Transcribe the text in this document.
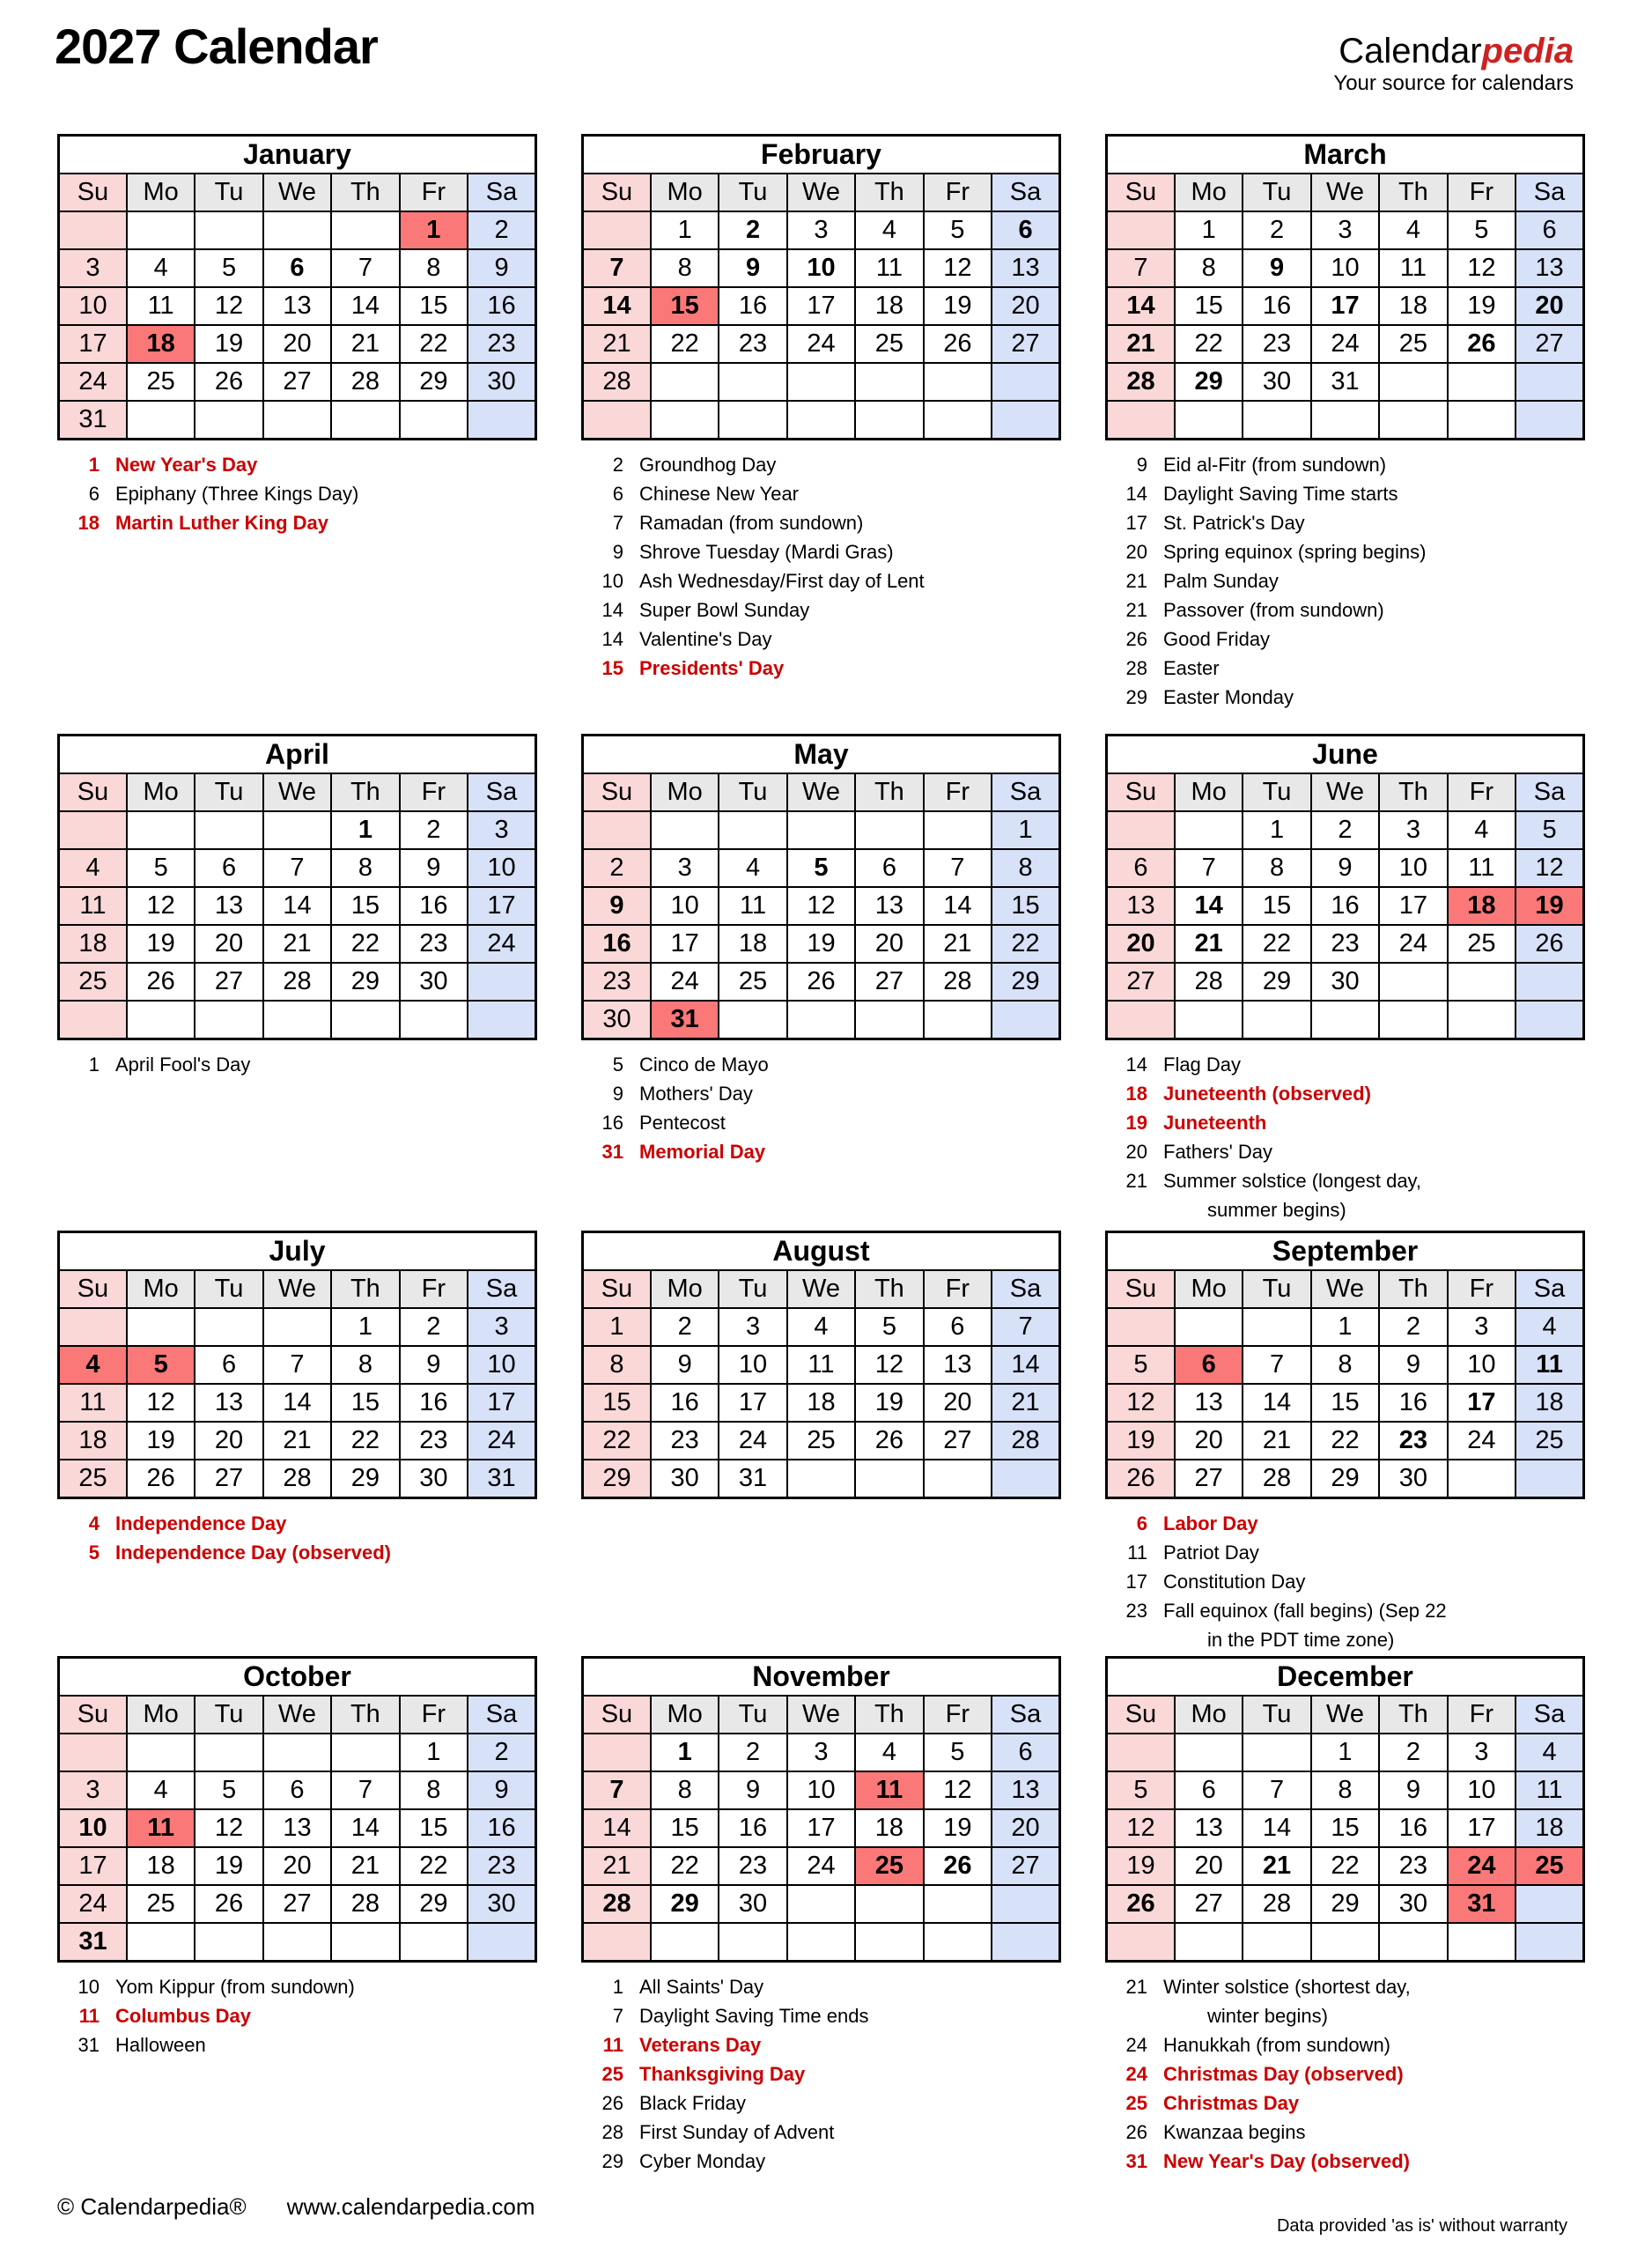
2027 Calendar	Calendarpedia
Your source for calendars
January						
Su	Mo	Tu	We	Th	Fr	Sa
					1	2
3	4	5	6	7	8	9
10	11	12	13	14	15	16
17	18	19	20	21	22	23
24	25	26	27	28	29	30
31						
1 New Year's Day
6 Epiphany (Three Kings Day)
18 Martin Luther King Day
February						
Su	Mo	Tu	We	Th	Fr	Sa
	1	2	3	4	5	6
7	8	9	10	11	12	13
14	15	16	17	18	19	20
21	22	23	24	25	26	27
28						

2 Groundhog Day
6 Chinese New Year
7 Ramadan (from sundown)
9 Shrove Tuesday (Mardi Gras)
10 Ash Wednesday/First day of Lent
14 Super Bowl Sunday
14 Valentine's Day
15 Presidents' Day
March						
Su	Mo	Tu	We	Th	Fr	Sa
	1	2	3	4	5	6
7	8	9	10	11	12	13
14	15	16	17	18	19	20
21	22	23	24	25	26	27
28	29	30	31			

9 Eid al-Fitr (from sundown)
14 Daylight Saving Time starts
17 St. Patrick's Day
20 Spring equinox (spring begins)
21 Palm Sunday
21 Passover (from sundown)
26 Good Friday
28 Easter
29 Easter Monday
April						
Su	Mo	Tu	We	Th	Fr	Sa
				1	2	3
4	5	6	7	8	9	10
11	12	13	14	15	16	17
18	19	20	21	22	23	24
25	26	27	28	29	30	

1 April Fool's Day
May						
Su	Mo	Tu	We	Th	Fr	Sa
						1
2	3	4	5	6	7	8
9	10	11	12	13	14	15
16	17	18	19	20	21	22
23	24	25	26	27	28	29
30	31					
5 Cinco de Mayo
9 Mothers' Day
16 Pentecost
31 Memorial Day
June						
Su	Mo	Tu	We	Th	Fr	Sa
		1	2	3	4	5
6	7	8	9	10	11	12
13	14	15	16	17	18	19
20	21	22	23	24	25	26
27	28	29	30			

14 Flag Day
18 Juneteenth (observed)
19 Juneteenth
20 Fathers' Day
21 Summer solstice (longest day,
summer begins)
July						
Su	Mo	Tu	We	Th	Fr	Sa
				1	2	3
4	5	6	7	8	9	10
11	12	13	14	15	16	17
18	19	20	21	22	23	24
25	26	27	28	29	30	31
4 Independence Day
5 Independence Day (observed)
August						
Su	Mo	Tu	We	Th	Fr	Sa
1	2	3	4	5	6	7
8	9	10	11	12	13	14
15	16	17	18	19	20	21
22	23	24	25	26	27	28
29	30	31				
September						
Su	Mo	Tu	We	Th	Fr	Sa
			1	2	3	4
5	6	7	8	9	10	11
12	13	14	15	16	17	18
19	20	21	22	23	24	25
26	27	28	29	30		
6 Labor Day
11 Patriot Day
17 Constitution Day
23 Fall equinox (fall begins) (Sep 22
in the PDT time zone)
October						
Su	Mo	Tu	We	Th	Fr	Sa
					1	2
3	4	5	6	7	8	9
10	11	12	13	14	15	16
17	18	19	20	21	22	23
24	25	26	27	28	29	30
31						
10 Yom Kippur (from sundown)
11 Columbus Day
31 Halloween
November						
Su	Mo	Tu	We	Th	Fr	Sa
	1	2	3	4	5	6
7	8	9	10	11	12	13
14	15	16	17	18	19	20
21	22	23	24	25	26	27
28	29	30				

1 All Saints' Day
7 Daylight Saving Time ends
11 Veterans Day
25 Thanksgiving Day
26 Black Friday
28 First Sunday of Advent
29 Cyber Monday
December						
Su	Mo	Tu	We	Th	Fr	Sa
			1	2	3	4
5	6	7	8	9	10	11
12	13	14	15	16	17	18
19	20	21	22	23	24	25
26	27	28	29	30	31	

21 Winter solstice (shortest day,
winter begins)
24 Hanukkah (from sundown)
24 Christmas Day (observed)
25 Christmas Day
26 Kwanzaa begins
31 New Year's Day (observed)
© Calendarpedia® www.calendarpedia.com
Data provided 'as is' without warranty
